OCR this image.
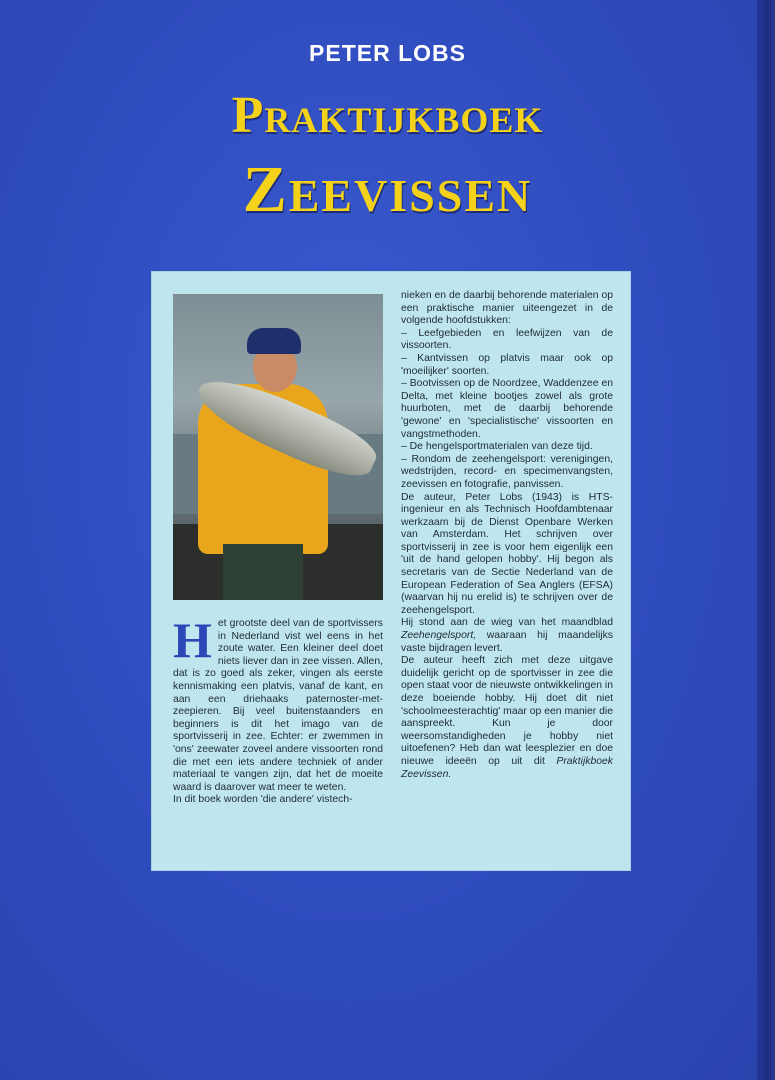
PETER LOBS
Praktijkboek
Zeevissen

Het grootste deel van de sportvissers in Nederland vist wel eens in het zoute water. Een kleiner deel doet niets liever dan in zee vissen. Allen, dat is zo goed als zeker, vingen als eerste kennismaking een platvis, vanaf de kant, en aan een driehaaks paternoster-met-zeepieren. Bij veel buitenstaanders en beginners is dit het imago van de sportvisserij in zee. Echter: er zwemmen in 'ons' zeewater zoveel andere vissoorten rond die met een iets andere techniek of ander materiaal te vangen zijn, dat het de moeite waard is daarover wat meer te weten.

In dit boek worden 'die andere' vistech-

nieken en de daarbij behorende materialen op een praktische manier uiteengezet in de volgende hoofdstukken:

– Leefgebieden en leefwijzen van de vissoorten.

– Kantvissen op platvis maar ook op 'moeilijker' soorten.

– Bootvissen op de Noordzee, Waddenzee en Delta, met kleine bootjes zowel als grote huurboten, met de daarbij behorende 'gewone' en 'specialistische' vissoorten en vangstmethoden.

– De hengelsportmaterialen van deze tijd.

– Rondom de zeehengelsport: verenigingen, wedstrijden, record- en specimenvangsten, zeevissen en fotografie, panvissen.

De auteur, Peter Lobs (1943) is HTS-ingenieur en als Technisch Hoofdambtenaar werkzaam bij de Dienst Openbare Werken van Amsterdam. Het schrijven over sportvisserij in zee is voor hem eigenlijk een 'uit de hand gelopen hobby'. Hij begon als secretaris van de Sectie Nederland van de European Federation of Sea Anglers (EFSA) (waarvan hij nu erelid is) te schrijven over de zeehengelsport.

Hij stond aan de wieg van het maandblad Zeehengelsport, waaraan hij maandelijks vaste bijdragen levert.

De auteur heeft zich met deze uitgave duidelijk gericht op de sportvisser in zee die open staat voor de nieuwste ontwikkelingen in deze boeiende hobby. Hij doet dit niet 'schoolmeesterachtig' maar op een manier die aanspreekt. Kun je door weersomstandigheden je hobby niet uitoefenen? Heb dan wat leesplezier en doe nieuwe ideeën op uit dit Praktijkboek Zeevissen.
